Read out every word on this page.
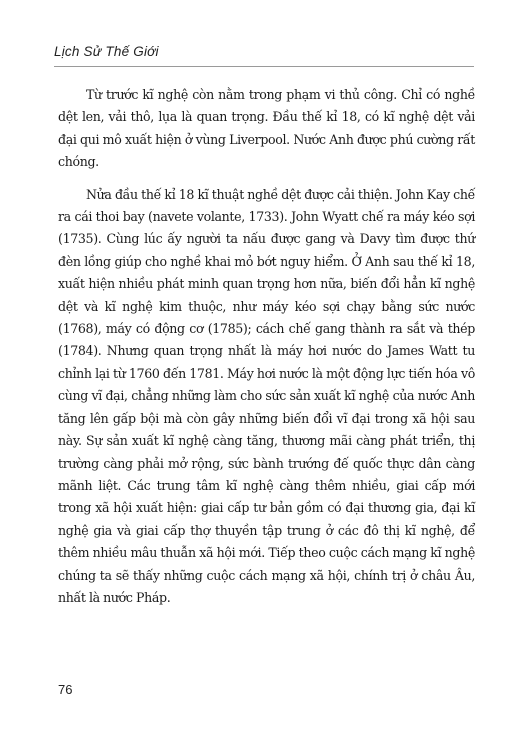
Lịch Sử Thế Giới

Từ trước kĩ nghệ còn nằm trong phạm vi thủ công. Chỉ có nghề dệt len, vải thô, lụa là quan trọng. Đầu thế kỉ 18, có kĩ nghệ dệt vải đại qui mô xuất hiện ở vùng Liverpool. Nước Anh được phú cường rất chóng.

Nửa đầu thế kỉ 18 kĩ thuật nghề dệt được cải thiện. John Kay chế ra cái thoi bay (navete volante, 1733). John Wyatt chế ra máy kéo sợi (1735). Cùng lúc ấy người ta nấu được gang và Davy tìm được thứ đèn lồng giúp cho nghề khai mỏ bớt nguy hiểm. Ở Anh sau thế kỉ 18, xuất hiện nhiều phát minh quan trọng hơn nữa, biến đổi hẳn kĩ nghệ dệt và kĩ nghệ kim thuộc, như máy kéo sợi chạy bằng sức nước (1768), máy có động cơ (1785); cách chế gang thành ra sắt và thép (1784). Nhưng quan trọng nhất là máy hơi nước do James Watt tu chỉnh lại từ 1760 đến 1781. Máy hơi nước là một động lực tiến hóa vô cùng vĩ đại, chẳng những làm cho sức sản xuất kĩ nghệ của nước Anh tăng lên gấp bội mà còn gây những biến đổi vĩ đại trong xã hội sau này. Sự sản xuất kĩ nghệ càng tăng, thương mãi càng phát triển, thị trường càng phải mở rộng, sức bành trướng đế quốc thực dân càng mãnh liệt. Các trung tâm kĩ nghệ càng thêm nhiều, giai cấp mới trong xã hội xuất hiện: giai cấp tư bản gồm có đại thương gia, đại kĩ nghệ gia và giai cấp thợ thuyền tập trung ở các đô thị kĩ nghệ, để thêm nhiều mâu thuẫn xã hội mới. Tiếp theo cuộc cách mạng kĩ nghệ chúng ta sẽ thấy những cuộc cách mạng xã hội, chính trị ở châu Âu, nhất là nước Pháp.

76
